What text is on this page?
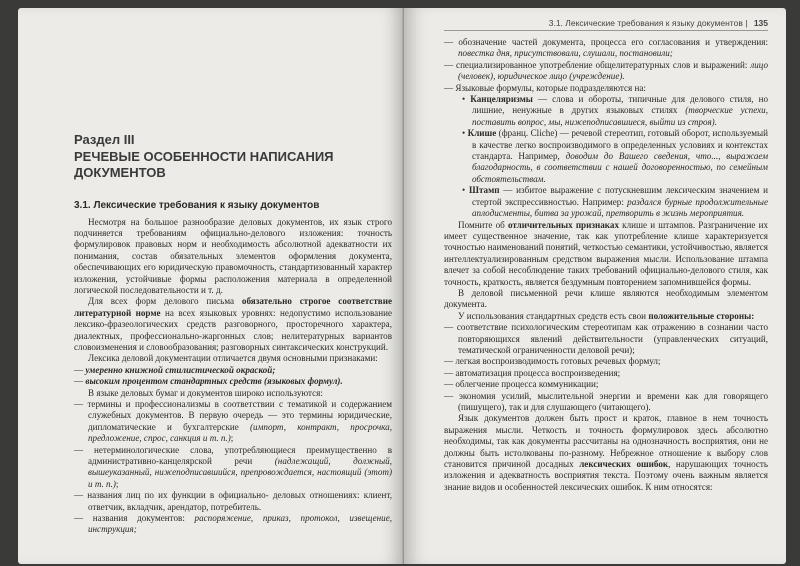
Раздел III
РЕЧЕВЫЕ ОСОБЕННОСТИ НАПИСАНИЯ ДОКУМЕНТОВ
3.1. Лексические требования к языку документов

Несмотря на большое разнообразие деловых документов, их язык строго подчиняется требованиям официально-делового изложения: точность формулировок правовых норм и необходимость абсолютной адекватности их понимания, состав обязательных элементов оформления документа, обеспечивающих его юридическую правомочность, стандартизованный характер изложения, устойчивые формы расположения материала в определенной логической последовательности и т. д.

Для всех форм делового письма обязательно строгое соответствие литературной норме на всех языковых уровнях: недопустимо использование лексико-фразеологических средств разговорного, просторечного характера, диалектных, профессионально-жаргонных слов; нелитературных вариантов словоизменения и словообразования; разговорных синтаксических конструкций.

Лексика деловой документации отличается двумя основными признаками:

— умеренно книжной стилистической окраской;
— высоким процентом стандартных средств (языковых формул).

В языке деловых бумаг и документов широко используются:

— термины и профессионализмы в соответствии с тематикой и содержанием служебных документов. В первую очередь — это термины юридические, дипломатические и бухгалтерские (импорт, контракт, просрочка, предложение, спрос, санкция и т. п.);
— нетерминологические слова, употребляющиеся преимущественно в административно-канцелярской речи (надлежащий, должный, вышеуказанный, нижеподписавшийся, препровождается, настоящий (этот) и т. п.);
— названия лиц по их функции в официально- деловых отношениях: клиент, ответчик, вкладчик, арендатор, потребитель.
— названия документов: распоряжение, приказ, протокол, извещение, инструкция;
3.1. Лексические требования к языку документов | 135
— обозначение частей документа, процесса его согласования и утверждения: повестка дня, присутствовали, слушали, постановили;
— специализированное употребление общелитературных слов и выражений: лицо (человек), юридическое лицо (учреждение).
— Языковые формулы, которые подразделяются на:
• Канцеляризмы — слова и обороты, типичные для делового стиля, но лишние, ненужные в других языковых стилях (творческие успехи, поставить вопрос, мы, нижеподписавшиеся, выйти из строя).
• Клише (франц. Cliche) — речевой стереотип, готовый оборот, используемый в качестве легко воспроизводимого в определенных условиях и контекстах стандарта. Например, доводим до Вашего сведения, что..., выражаем благодарность, в соответствии с нашей договоренностью, по семейным обстоятельствам.
• Штамп — избитое выражение с потускневшим лексическим значением и стертой экспрессивностью. Например: раздался бурные продолжительные аплодисменты, битва за урожай, претворить в жизнь мероприятия.

Помните об отличительных признаках клише и штампов. Разграничение их имеет существенное значение, так как употребление клише характеризуется точностью наименований понятий, четкостью семантики, устойчивостью, является интеллектуализированным средством выражения мысли. Использование штампа влечет за собой несоблюдение таких требований официально-делового стиля, как точность, краткость, является бездумным повторением запомнившейся формы.

В деловой письменной речи клише являются необходимым элементом документа.

У использования стандартных средств есть свои положительные стороны:

— соответствие психологическим стереотипам как отражению в сознании часто повторяющихся явлений действительности (управленческих ситуаций, тематической ограниченности деловой речи);
— легкая воспроизводимость готовых речевых формул;
— автоматизация процесса воспроизведения;
— облегчение процесса коммуникации;
— экономия усилий, мыслительной энергии и времени как для говорящего (пишущего), так и для слушающего (читающего).

Язык документов должен быть прост и краток, главное в нем точность выражения мысли. Четкость и точность формулировок здесь абсолютно необходимы, так как документы рассчитаны на однозначность восприятия, они не должны быть истолкованы по-разному. Небрежное отношение к выбору слов становится причиной досадных лексических ошибок, нарушающих точность изложения и адекватность восприятия текста. Поэтому очень важным является знание видов и особенностей лексических ошибок. К ним относятся:
